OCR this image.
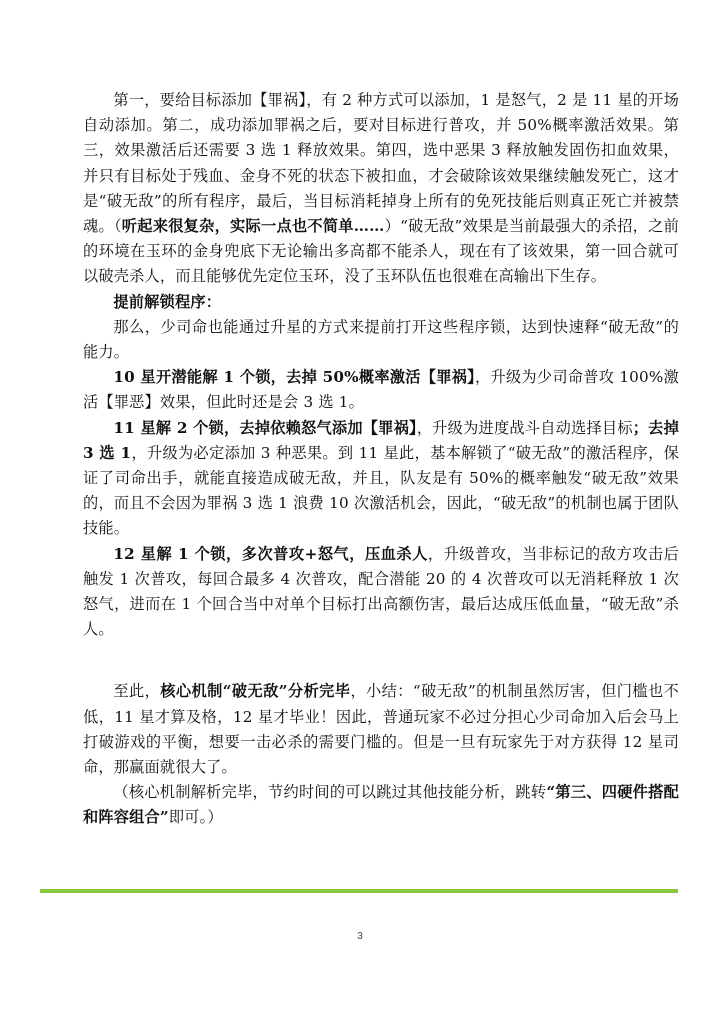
第一，要给目标添加【罪祸】，有 2 种方式可以添加，1 是怒气，2 是 11 星的开场自动添加。第二，成功添加罪祸之后，要对目标进行普攻，并 50%概率激活效果。第三，效果激活后还需要 3 选 1 释放效果。第四，选中恶果 3 释放触发固伤扣血效果，并只有目标处于残血、金身不死的状态下被扣血，才会破除该效果继续触发死亡，这才是“破无敌”的所有程序，最后，当目标消耗掉身上所有的免死技能后则真正死亡并被禁魂。（听起来很复杂，实际一点也不简单……）“破无敌”效果是当前最强大的杀招，之前的环境在玉环的金身兜底下无论输出多高都不能杀人，现在有了该效果，第一回合就可以破壳杀人，而且能够优先定位玉环，没了玉环队伍也很难在高输出下生存。

提前解锁程序：

那么，少司命也能通过升星的方式来提前打开这些程序锁，达到快速释“破无敌”的能力。

10 星开潜能解 1 个锁，去掉 50%概率激活【罪祸】，升级为少司命普攻 100%激活【罪恶】效果，但此时还是会 3 选 1。

11 星解 2 个锁，去掉依赖怒气添加【罪祸】，升级为进度战斗自动选择目标；去掉 3 选 1，升级为必定添加 3 种恶果。到 11 星此，基本解锁了“破无敌”的激活程序，保证了司命出手，就能直接造成破无敌，并且，队友是有 50%的概率触发“破无敌”效果的，而且不会因为罪祸 3 选 1 浪费 10 次激活机会，因此，“破无敌”的机制也属于团队技能。

12 星解 1 个锁，多次普攻+怒气，压血杀人，升级普攻，当非标记的敌方攻击后触发 1 次普攻，每回合最多 4 次普攻，配合潜能 20 的 4 次普攻可以无消耗释放 1 次怒气，进而在 1 个回合当中对单个目标打出高额伤害，最后达成压低血量，“破无敌”杀人。

至此，核心机制“破无敌”分析完毕，小结：“破无敌”的机制虽然厉害，但门槛也不低，11 星才算及格，12 星才毕业！因此，普通玩家不必过分担心少司命加入后会马上打破游戏的平衡，想要一击必杀的需要门槛的。但是一旦有玩家先于对方获得 12 星司命，那赢面就很大了。

（核心机制解析完毕，节约时间的可以跳过其他技能分析，跳转“第三、四硬件搭配和阵容组合”即可。）

3
